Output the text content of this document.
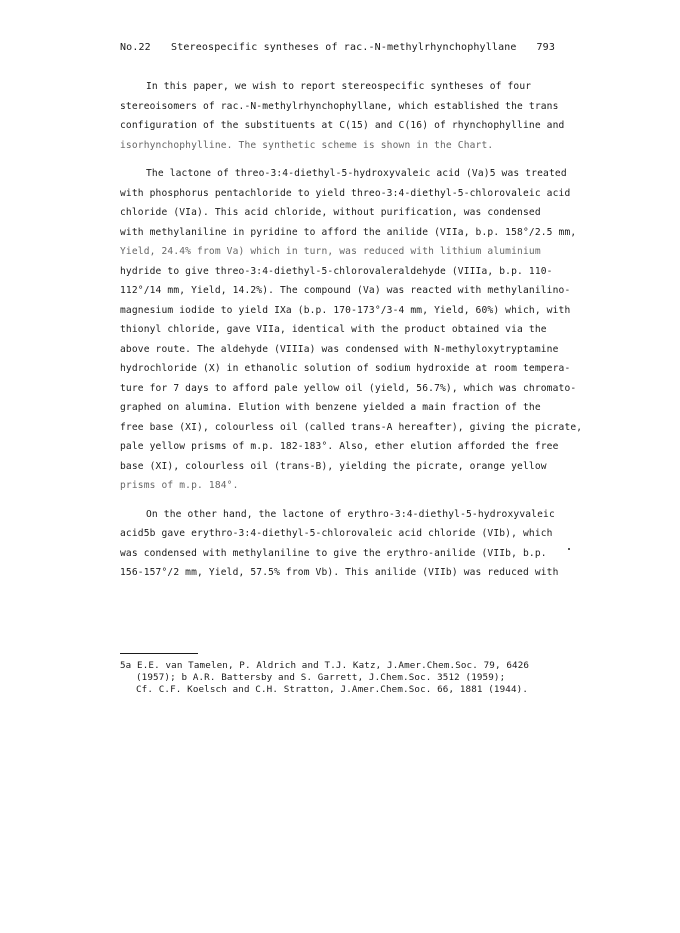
No.22 Stereospecific syntheses of rac.-N-methylrhynchophyllane	793

In this paper, we wish to report stereospecific syntheses of four

stereoisomers of rac.-N-methylrhynchophyllane, which established the trans

configuration of the substituents at C(15) and C(16) of rhynchophylline and

isorhynchophylline. The synthetic scheme is shown in the Chart.

The lactone of threo-3:4-diethyl-5-hydroxyvaleic acid (Va)5 was treated

with phosphorus pentachloride to yield threo-3:4-diethyl-5-chlorovaleic acid

chloride (VIa). This acid chloride, without purification, was condensed

with methylaniline in pyridine to afford the anilide (VIIa, b.p. 158°/2.5 mm,

Yield, 24.4% from Va) which in turn, was reduced with lithium aluminium

hydride to give threo-3:4-diethyl-5-chlorovaleraldehyde (VIIIa, b.p. 110-

112°/14 mm, Yield, 14.2%). The compound (Va) was reacted with methylanilino-

magnesium iodide to yield IXa (b.p. 170-173°/3-4 mm, Yield, 60%) which, with

thionyl chloride, gave VIIa, identical with the product obtained via the

above route. The aldehyde (VIIIa) was condensed with N-methyloxytryptamine

hydrochloride (X) in ethanolic solution of sodium hydroxide at room tempera-

ture for 7 days to afford pale yellow oil (yield, 56.7%), which was chromato-

graphed on alumina. Elution with benzene yielded a main fraction of the

free base (XI), colourless oil (called trans-A hereafter), giving the picrate,

pale yellow prisms of m.p. 182-183°. Also, ether elution afforded the free

base (XI), colourless oil (trans-B), yielding the picrate, orange yellow

prisms of m.p. 184°.

On the other hand, the lactone of erythro-3:4-diethyl-5-hydroxyvaleic

acid5b gave erythro-3:4-diethyl-5-chlorovaleic acid chloride (VIb), which

was condensed with methylaniline to give the erythro-anilide (VIIb, b.p.

156-157°/2 mm, Yield, 57.5% from Vb). This anilide (VIIb) was reduced with

5a E.E. van Tamelen, P. Aldrich and T.J. Katz, J.Amer.Chem.Soc. 79, 6426

(1957); b A.R. Battersby and S. Garrett, J.Chem.Soc. 3512 (1959);

Cf. C.F. Koelsch and C.H. Stratton, J.Amer.Chem.Soc. 66, 1881 (1944).
